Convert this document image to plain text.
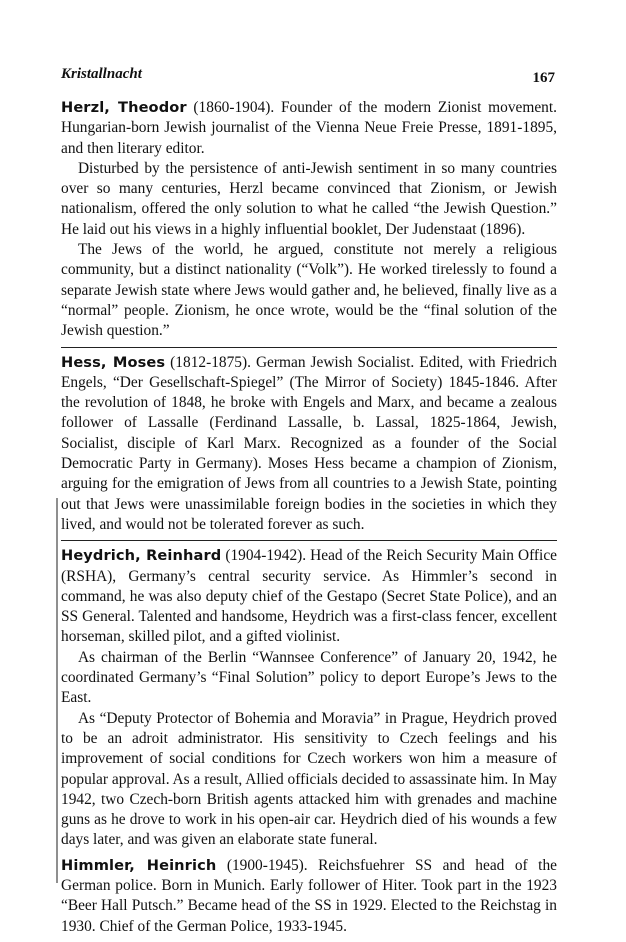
Kristallnacht	167

Herzl, Theodor (1860-1904). Founder of the modern Zionist movement. Hungarian-born Jewish journalist of the Vienna Neue Freie Presse, 1891-1895, and then literary editor.

Disturbed by the persistence of anti-Jewish sentiment in so many countries over so many centuries, Herzl became convinced that Zionism, or Jewish nationalism, offered the only solution to what he called “the Jewish Question.” He laid out his views in a highly influential booklet, Der Judenstaat (1896).

The Jews of the world, he argued, constitute not merely a religious community, but a distinct nationality (“Volk”). He worked tirelessly to found a separate Jewish state where Jews would gather and, he believed, finally live as a “normal” people. Zionism, he once wrote, would be the “final solution of the Jewish question.”

Hess, Moses (1812-1875). German Jewish Socialist. Edited, with Friedrich Engels, “Der Gesellschaft-Spiegel” (The Mirror of Society) 1845-1846. After the revolution of 1848, he broke with Engels and Marx, and became a zealous follower of Lassalle (Ferdinand Lassalle, b. Lassal, 1825-1864, Jewish, Socialist, disciple of Karl Marx. Recognized as a founder of the Social Democratic Party in Germany). Moses Hess became a champion of Zionism, arguing for the emigration of Jews from all countries to a Jewish State, pointing out that Jews were unassimilable foreign bodies in the societies in which they lived, and would not be tolerated forever as such.

Heydrich, Reinhard (1904-1942). Head of the Reich Security Main Office (RSHA), Germany’s central security service. As Himmler’s second in command, he was also deputy chief of the Gestapo (Secret State Police), and an SS General. Talented and handsome, Heydrich was a first-class fencer, excellent horseman, skilled pilot, and a gifted violinist.

As chairman of the Berlin “Wannsee Conference” of January 20, 1942, he coordinated Germany’s “Final Solution” policy to deport Europe’s Jews to the East.

As “Deputy Protector of Bohemia and Moravia” in Prague, Heydrich proved to be an adroit administrator. His sensitivity to Czech feelings and his improvement of social conditions for Czech workers won him a measure of popular approval. As a result, Allied officials decided to assassinate him. In May 1942, two Czech-born British agents attacked him with grenades and machine guns as he drove to work in his open-air car. Heydrich died of his wounds a few days later, and was given an elaborate state funeral.

Himmler, Heinrich (1900-1945). Reichsfuehrer SS and head of the German police. Born in Munich. Early follower of Hiter. Took part in the 1923 “Beer Hall Putsch.” Became head of the SS in 1929. Elected to the Reichstag in 1930. Chief of the German Police, 1933-1945.
